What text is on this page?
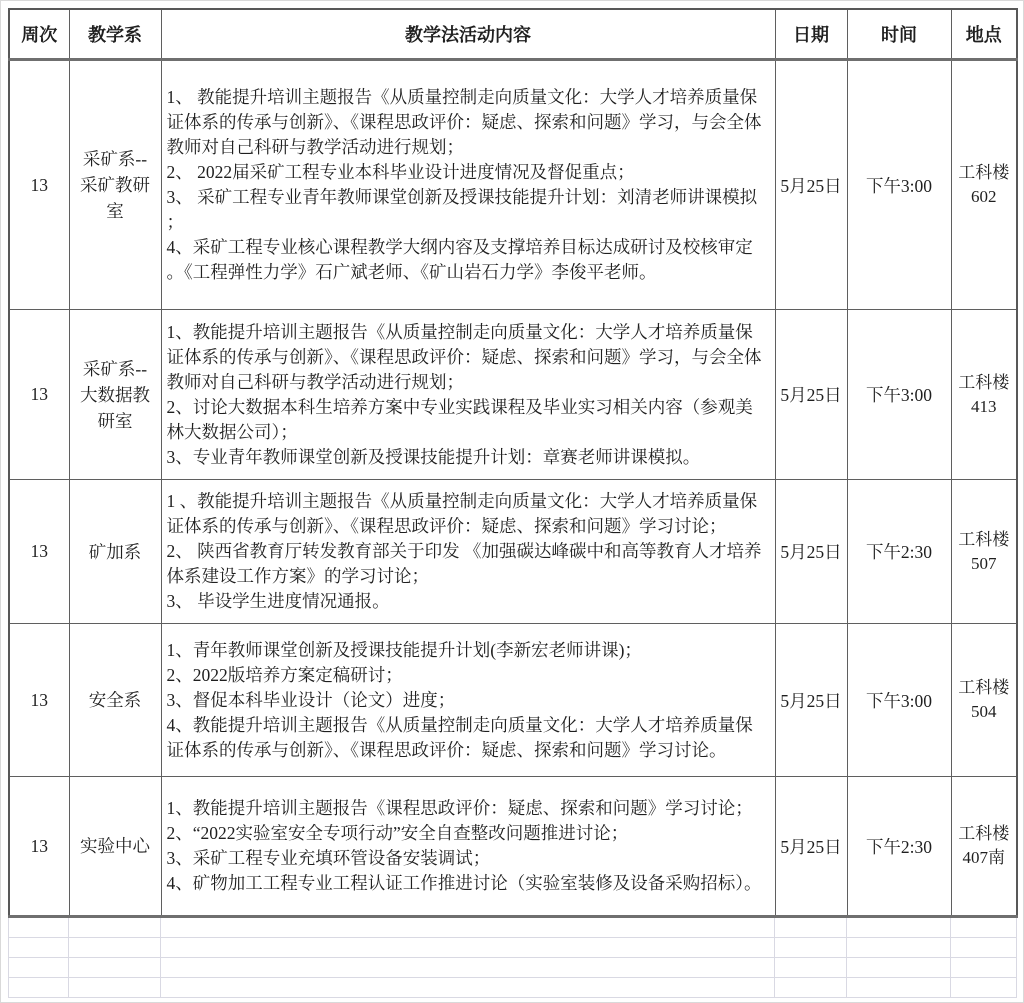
周次	教学系	教学法活动内容	日期	时间	地点
13	采矿系--采矿教研室	1、 教能提升培训主题报告《从质量控制走向质量文化：大学人才培养质量保证体系的传承与创新》、《课程思政评价：疑虑、探索和问题》学习，与会全体教师对自己科研与教学活动进行规划；
2、 2022届采矿工程专业本科毕业设计进度情况及督促重点；
3、 采矿工程专业青年教师课堂创新及授课技能提升计划：刘清老师讲课模拟；
4、采矿工程专业核心课程教学大纲内容及支撑培养目标达成研讨及校核审定。《工程弹性力学》石广斌老师、《矿山岩石力学》李俊平老师。	5月25日	下午3:00	工科楼602
13	采矿系--大数据教研室	1、教能提升培训主题报告《从质量控制走向质量文化：大学人才培养质量保证体系的传承与创新》、《课程思政评价：疑虑、探索和问题》学习，与会全体教师对自己科研与教学活动进行规划；
2、讨论大数据本科生培养方案中专业实践课程及毕业实习相关内容（参观美林大数据公司）；
3、专业青年教师课堂创新及授课技能提升计划：章赛老师讲课模拟。	5月25日	下午3:00	工科楼413
13	矿加系	1 、教能提升培训主题报告《从质量控制走向质量文化：大学人才培养质量保证体系的传承与创新》、《课程思政评价：疑虑、探索和问题》学习讨论；
2、 陕西省教育厅转发教育部关于印发 《加强碳达峰碳中和高等教育人才培养体系建设工作方案》的学习讨论；
3、 毕设学生进度情况通报。	5月25日	下午2:30	工科楼507
13	安全系	1、青年教师课堂创新及授课技能提升计划(李新宏老师讲课)；
2、2022版培养方案定稿研讨；
3、督促本科毕业设计（论文）进度；
4、教能提升培训主题报告《从质量控制走向质量文化：大学人才培养质量保证体系的传承与创新》、《课程思政评价：疑虑、探索和问题》学习讨论。	5月25日	下午3:00	工科楼504
13	实验中心	1、教能提升培训主题报告《课程思政评价：疑虑、探索和问题》学习讨论；
2、“2022实验室安全专项行动”安全自查整改问题推进讨论；
3、采矿工程专业充填环管设备安装调试；
4、矿物加工工程专业工程认证工作推进讨论（实验室装修及设备采购招标）。	5月25日	下午2:30	工科楼407南
